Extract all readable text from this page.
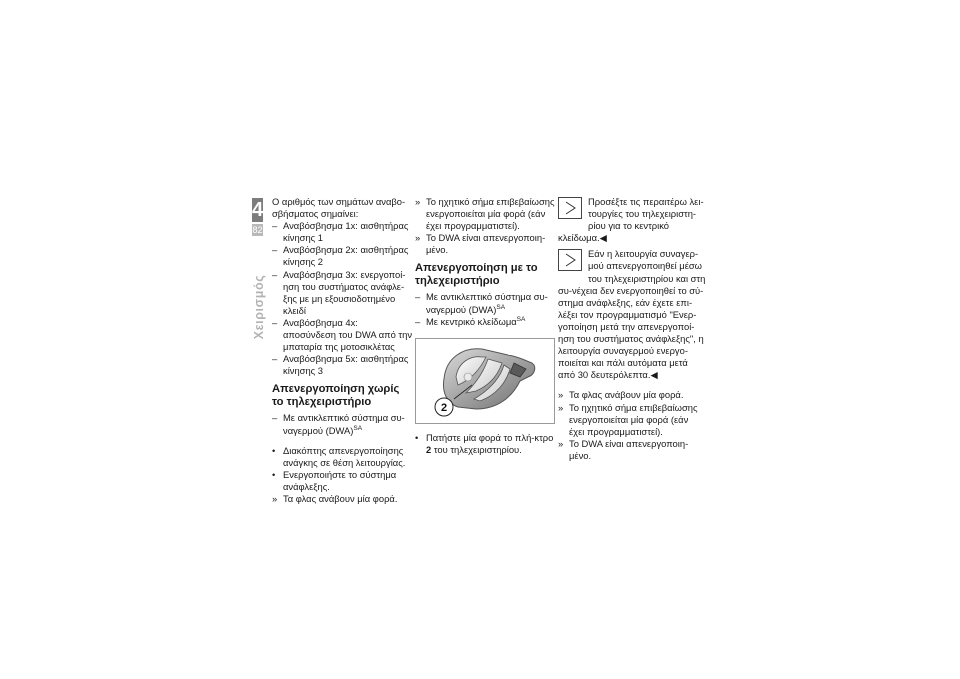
4
82
Χειρισμός

Ο αριθμός των σημάτων αναβο-σβήσματος σημαίνει:

– Αναβόσβησμα 1x: αισθητήρας κίνησης 1
– Αναβόσβησμα 2x: αισθητήρας κίνησης 2
– Αναβόσβησμα 3x: ενεργοποί-ηση του συστήματος ανάφλε-ξης με μη εξουσιοδοτημένο κλειδί
– Αναβόσβησμα 4x: αποσύνδεση του DWA από την μπαταρία της μοτοσικλέτας
– Αναβόσβησμα 5x: αισθητήρας κίνησης 3
Απενεργοποίηση χωρίς το τηλεχειριστήριο
– Με αντικλεπτικό σύστημα συ-ναγερμού (DWA)$^{SA}$
• Διακόπτης απενεργοποίησης ανάγκης σε θέση λειτουργίας.
• Ενεργοποιήστε το σύστημα ανάφλεξης.
» Τα φλας ανάβουν μία φορά.
» Το ηχητικό σήμα επιβεβαίωσης ενεργοποιείται μία φορά (εάν έχει προγραμματιστεί).
» Το DWA είναι απενεργοποιη-μένο.
Απενεργοποίηση με το τηλεχειριστήριο
– Με αντικλεπτικό σύστημα συ-ναγερμού (DWA)$^{SA}$
– Με κεντρικό κλείδωμα$^{SA}$
2
• Πατήστε μία φορά το πλή-κτρο 2 του τηλεχειριστηρίου.

Προσέξτε τις περαιτέρω λει-τουργίες του τηλεχειριστη-ρίου για το κεντρικό κλείδωμα.◀

Εάν η λειτουργία συναγερ-μού απενεργοποιηθεί μέσω του τηλεχειριστηρίου και στη συ-νέχεια δεν ενεργοποιηθεί το σύ-στημα ανάφλεξης, εάν έχετε επι-λέξει τον προγραμματισμό "Ενερ-γοποίηση μετά την απενεργοποί-ηση του συστήματος ανάφλεξης", η λειτουργία συναγερμού ενεργο-ποιείται και πάλι αυτόματα μετά από 30 δευτερόλεπτα.◀

» Τα φλας ανάβουν μία φορά.
» Το ηχητικό σήμα επιβεβαίωσης ενεργοποιείται μία φορά (εάν έχει προγραμματιστεί).
» Το DWA είναι απενεργοποιη-μένο.
